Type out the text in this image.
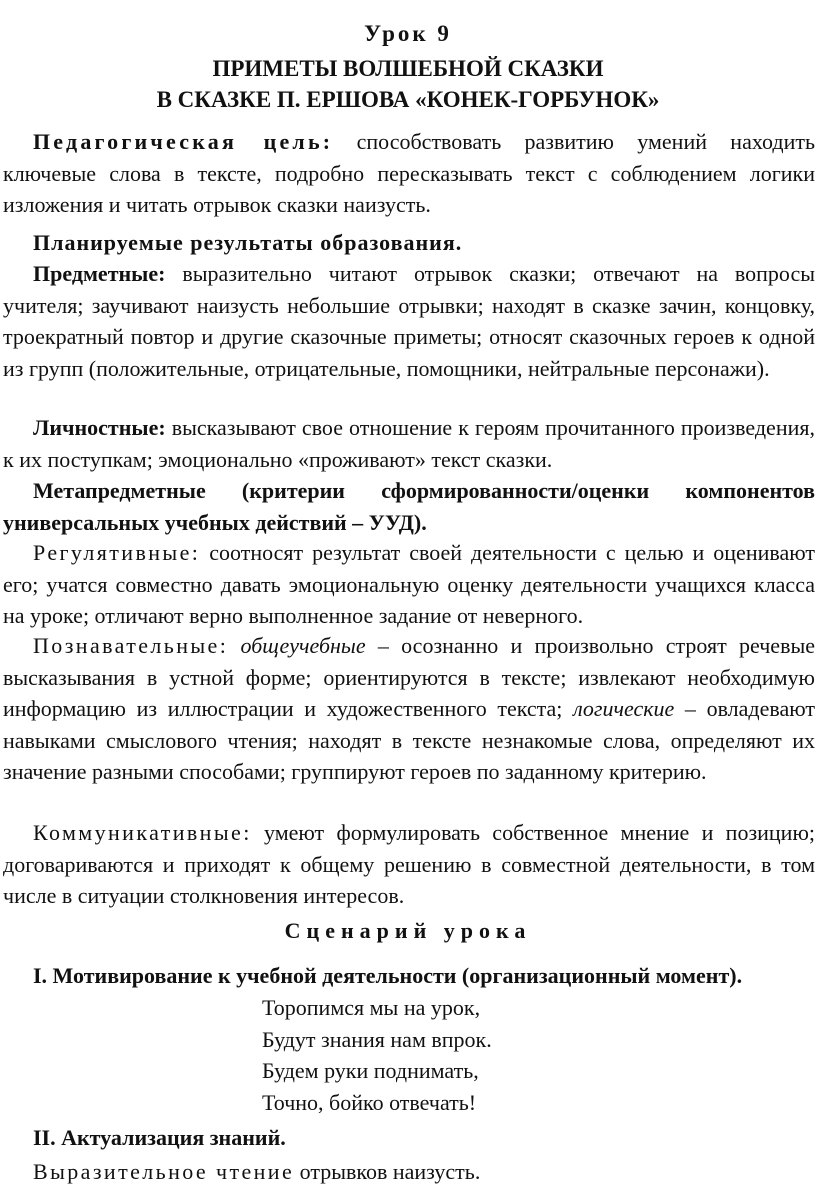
Урок 9
ПРИМЕТЫ ВОЛШЕБНОЙ СКАЗКИ
В СКАЗКЕ П. ЕРШОВА «КОНЕК-ГОРБУНОК»
Педагогическая цель: способствовать развитию умений находить ключевые слова в тексте, подробно пересказывать текст с соблюдением логики изложения и читать отрывок сказки наизусть.
Планируемые результаты образования.
Предметные: выразительно читают отрывок сказки; отвечают на вопросы учителя; заучивают наизусть небольшие отрывки; находят в сказке зачин, концовку, троекратный повтор и другие сказочные приметы; относят сказочных героев к одной из групп (положительные, отрицательные, помощники, нейтральные персонажи).
Личностные: высказывают свое отношение к героям прочитанного произведения, к их поступкам; эмоционально «проживают» текст сказки.
Метапредметные (критерии сформированности/оценки компонентов универсальных учебных действий – УУД).
Регулятивные: соотносят результат своей деятельности с целью и оценивают его; учатся совместно давать эмоциональную оценку деятельности учащихся класса на уроке; отличают верно выполненное задание от неверного.
Познавательные: общеучебные – осознанно и произвольно строят речевые высказывания в устной форме; ориентируются в тексте; извлекают необходимую информацию из иллюстрации и художественного текста; логические – овладевают навыками смыслового чтения; находят в тексте незнакомые слова, определяют их значение разными способами; группируют героев по заданному критерию.
Коммуникативные: умеют формулировать собственное мнение и позицию; договариваются и приходят к общему решению в совместной деятельности, в том числе в ситуации столкновения интересов.
Сценарий урока
I. Мотивирование к учебной деятельности (организационный момент).
Торопимся мы на урок,
Будут знания нам впрок.
Будем руки поднимать,
Точно, бойко отвечать!
II. Актуализация знаний.
Выразительное чтение отрывков наизусть.
